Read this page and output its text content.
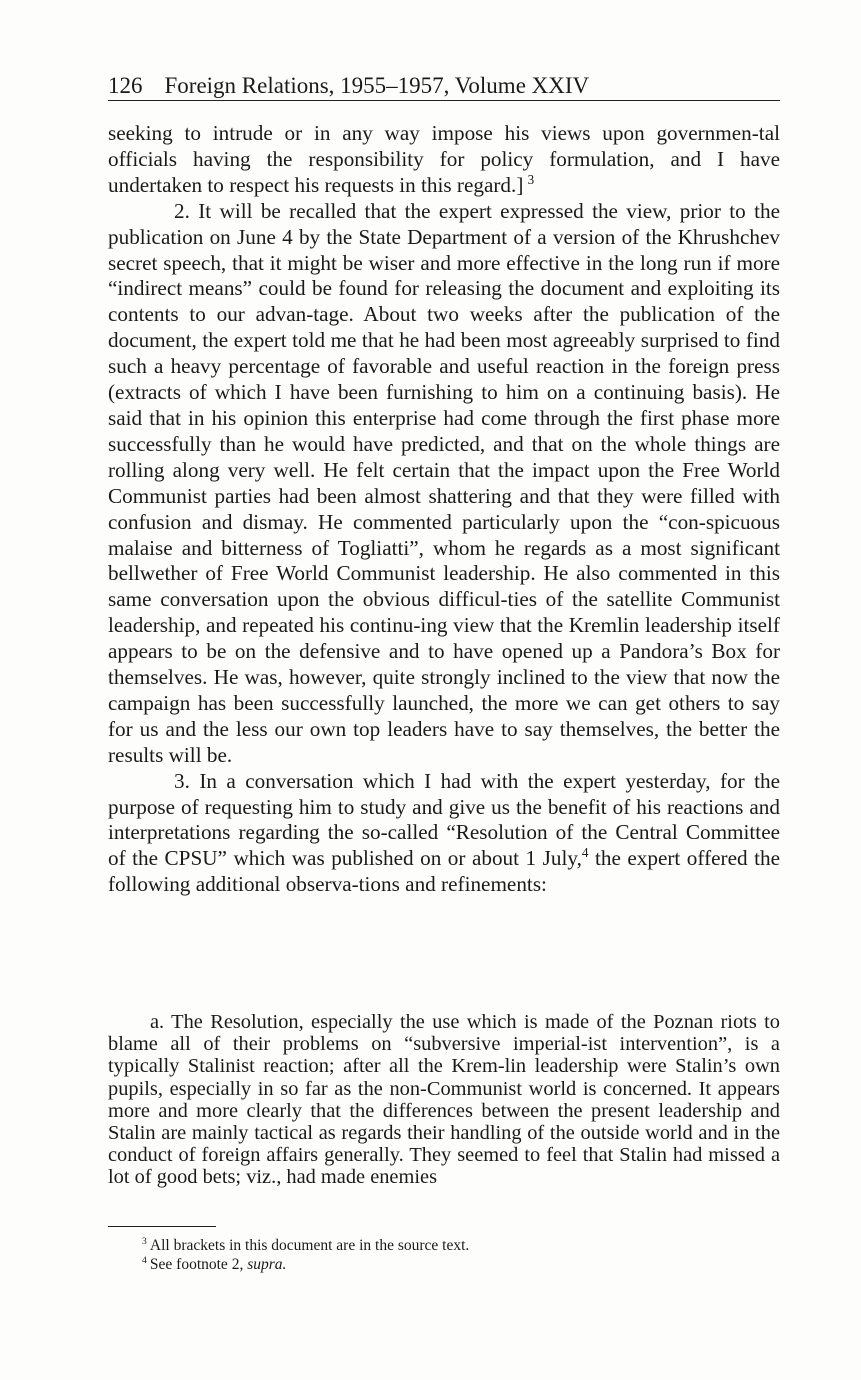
126 Foreign Relations, 1955–1957, Volume XXIV

seeking to intrude or in any way impose his views upon governmen-tal officials having the responsibility for policy formulation, and I have undertaken to respect his requests in this regard.]  $^3$

2. It will be recalled that the expert expressed the view, prior to the publication on June 4 by the State Department of a version of the Khrushchev secret speech, that it might be wiser and more effective in the long run if more “indirect means” could be found for releasing the document and exploiting its contents to our advan-tage. About two weeks after the publication of the document, the expert told me that he had been most agreeably surprised to find such a heavy percentage of favorable and useful reaction in the foreign press (extracts of which I have been furnishing to him on a continuing basis). He said that in his opinion this enterprise had come through the first phase more successfully than he would have predicted, and that on the whole things are rolling along very well. He felt certain that the impact upon the Free World Communist parties had been almost shattering and that they were filled with confusion and dismay. He commented particularly upon the “con-spicuous malaise and bitterness of Togliatti”, whom he regards as a most significant bellwether of Free World Communist leadership. He also commented in this same conversation upon the obvious difficul-ties of the satellite Communist leadership, and repeated his continu-ing view that the Kremlin leadership itself appears to be on the defensive and to have opened up a Pandora’s Box for themselves. He was, however, quite strongly inclined to the view that now the campaign has been successfully launched, the more we can get others to say for us and the less our own top leaders have to say themselves, the better the results will be.

3. In a conversation which I had with the expert yesterday, for the purpose of requesting him to study and give us the benefit of his reactions and interpretations regarding the so-called “Resolution of the Central Committee of the CPSU” which was published on or about 1 July,$^4$ the expert offered the following additional observa-tions and refinements:

a. The Resolution, especially the use which is made of the Poznan riots to blame all of their problems on “subversive imperial-ist intervention”, is a typically Stalinist reaction; after all the Krem-lin leadership were Stalin’s own pupils, especially in so far as the non-Communist world is concerned. It appears more and more clearly that the differences between the present leadership and Stalin are mainly tactical as regards their handling of the outside world and in the conduct of foreign affairs generally. They seemed to feel that Stalin had missed a lot of good bets; viz., had made enemies

$^3$  All brackets in this document are in the source text.

$^4$  See footnote 2, supra.
